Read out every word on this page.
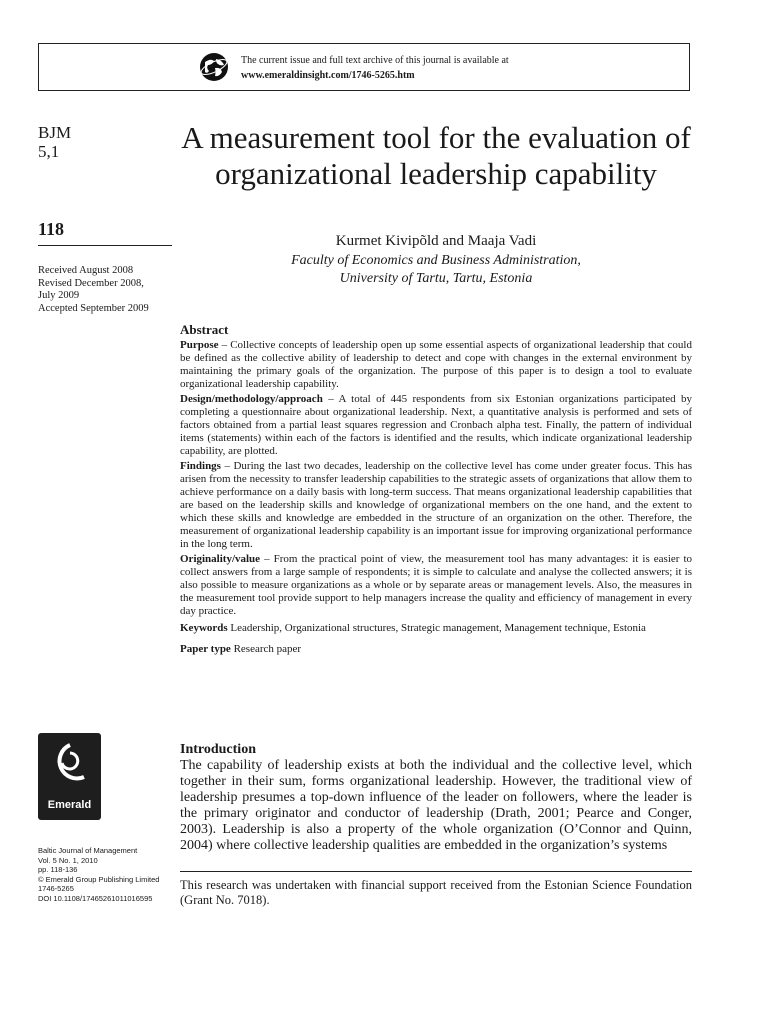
The current issue and full text archive of this journal is available at
www.emeraldinsight.com/1746-5265.htm
BJM
5,1
118
Received August 2008
Revised December 2008,
July 2009
Accepted September 2009
A measurement tool for the evaluation of organizational leadership capability
Kurmet Kivipõld and Maaja Vadi
Faculty of Economics and Business Administration,
University of Tartu, Tartu, Estonia
Abstract

Purpose – Collective concepts of leadership open up some essential aspects of organizational leadership that could be defined as the collective ability of leadership to detect and cope with changes in the external environment by maintaining the primary goals of the organization. The purpose of this paper is to design a tool to evaluate organizational leadership capability.

Design/methodology/approach – A total of 445 respondents from six Estonian organizations participated by completing a questionnaire about organizational leadership. Next, a quantitative analysis is performed and sets of factors obtained from a partial least squares regression and Cronbach alpha test. Finally, the pattern of individual items (statements) within each of the factors is identified and the results, which indicate organizational leadership capability, are plotted.

Findings – During the last two decades, leadership on the collective level has come under greater focus. This has arisen from the necessity to transfer leadership capabilities to the strategic assets of organizations that allow them to achieve performance on a daily basis with long-term success. That means organizational leadership capabilities that are based on the leadership skills and knowledge of organizational members on the one hand, and the extent to which these skills and knowledge are embedded in the structure of an organization on the other. Therefore, the measurement of organizational leadership capability is an important issue for improving organizational performance in the long term.

Originality/value – From the practical point of view, the measurement tool has many advantages: it is easier to collect answers from a large sample of respondents; it is simple to calculate and analyse the collected answers; it is also possible to measure organizations as a whole or by separate areas or management levels. Also, the measures in the measurement tool provide support to help managers increase the quality and efficiency of management in every day practice.

Keywords Leadership, Organizational structures, Strategic management, Management technique, Estonia

Paper type Research paper

Emerald
Baltic Journal of Management
Vol. 5 No. 1, 2010
pp. 118-136
© Emerald Group Publishing Limited
1746-5265
DOI 10.1108/17465261011016595
Introduction

The capability of leadership exists at both the individual and the collective level, which together in their sum, forms organizational leadership. However, the traditional view of leadership presumes a top-down influence of the leader on followers, where the leader is the primary originator and conductor of leadership (Drath, 2001; Pearce and Conger, 2003). Leadership is also a property of the whole organization (O’Connor and Quinn, 2004) where collective leadership qualities are embedded in the organization’s systems

This research was undertaken with financial support received from the Estonian Science Foundation (Grant No. 7018).
